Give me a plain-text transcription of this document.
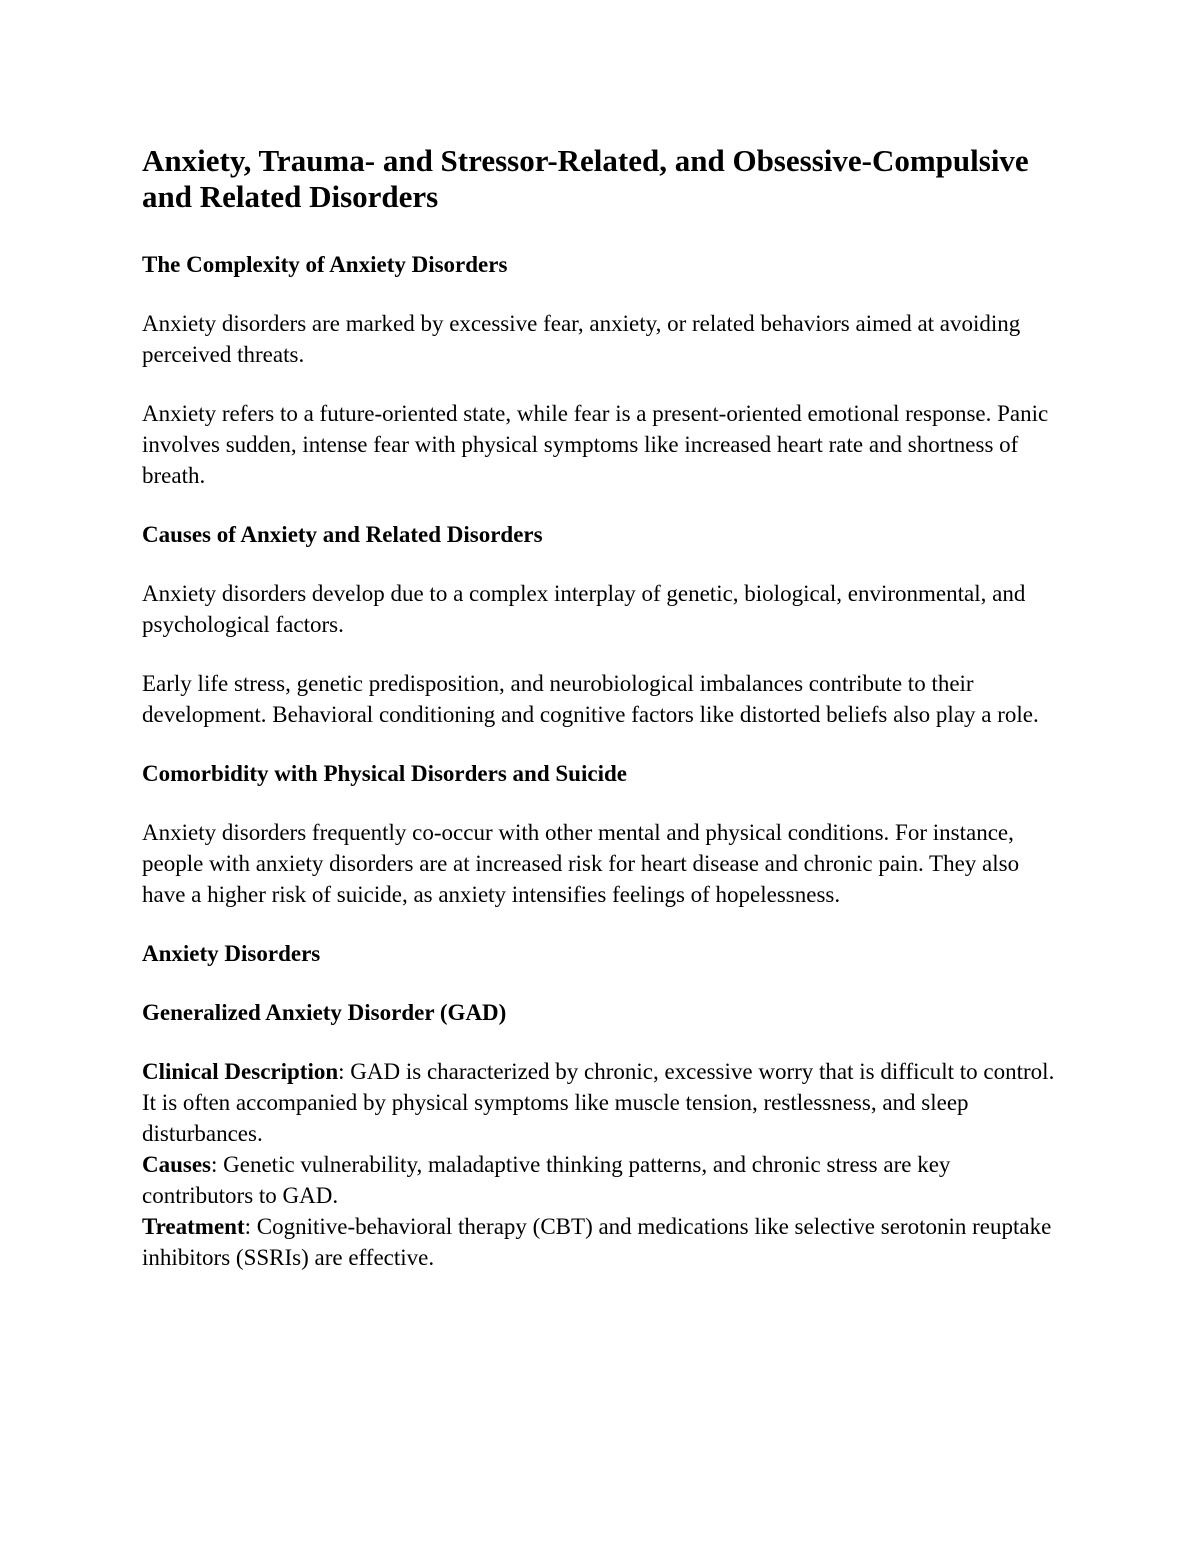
Anxiety, Trauma- and Stressor-Related, and Obsessive-Compulsive and Related Disorders
The Complexity of Anxiety Disorders

Anxiety disorders are marked by excessive fear, anxiety, or related behaviors aimed at avoiding perceived threats.

Anxiety refers to a future-oriented state, while fear is a present-oriented emotional response. Panic involves sudden, intense fear with physical symptoms like increased heart rate and shortness of breath.

Causes of Anxiety and Related Disorders

Anxiety disorders develop due to a complex interplay of genetic, biological, environmental, and psychological factors.

Early life stress, genetic predisposition, and neurobiological imbalances contribute to their development. Behavioral conditioning and cognitive factors like distorted beliefs also play a role.

Comorbidity with Physical Disorders and Suicide

Anxiety disorders frequently co-occur with other mental and physical conditions. For instance, people with anxiety disorders are at increased risk for heart disease and chronic pain. They also have a higher risk of suicide, as anxiety intensifies feelings of hopelessness.

Anxiety Disorders
Generalized Anxiety Disorder (GAD)

Clinical Description: GAD is characterized by chronic, excessive worry that is difficult to control. It is often accompanied by physical symptoms like muscle tension, restlessness, and sleep disturbances.

Causes: Genetic vulnerability, maladaptive thinking patterns, and chronic stress are key contributors to GAD.

Treatment: Cognitive-behavioral therapy (CBT) and medications like selective serotonin reuptake inhibitors (SSRIs) are effective.
